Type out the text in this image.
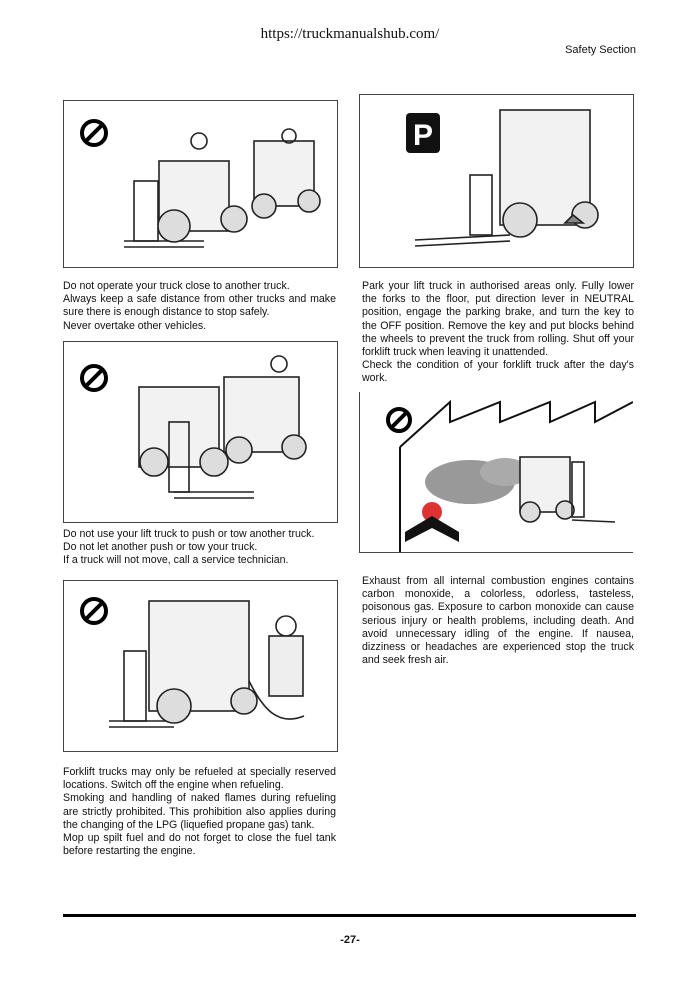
https://truckmanualshub.com/
Safety Section

Do not operate your truck close to another truck.

Always keep a safe distance from other trucks and make sure there is enough distance to stop safely.

Never overtake other vehicles.

Do not use your lift truck to push or tow another truck.

Do not let another push or tow your truck.

If a truck will not move, call a service technician.

Forklift trucks may only be refueled at specially reserved locations. Switch off the engine when refueling.

Smoking and handling of naked flames during refueling are strictly prohibited. This prohibition also applies during the changing of the LPG (liquefied propane gas) tank.

Mop up spilt fuel and do not forget to close the fuel tank before restarting the engine.

P

Park your lift truck in authorised areas only. Fully lower the forks to the floor, put direction lever in NEUTRAL position, engage the parking brake, and turn the key to the OFF position. Remove the key and put blocks behind the wheels to prevent the truck from rolling. Shut off your forklift truck when leaving it unattended.

Check the condition of your forklift truck after the day's work.

Exhaust from all internal combustion engines contains carbon monoxide, a colorless, odorless, tasteless, poisonous gas. Exposure to carbon monoxide can cause serious injury or health problems, including death. And avoid unnecessary idling of the engine. If nausea, dizziness or headaches are experienced stop the truck and seek fresh air.

-27-
